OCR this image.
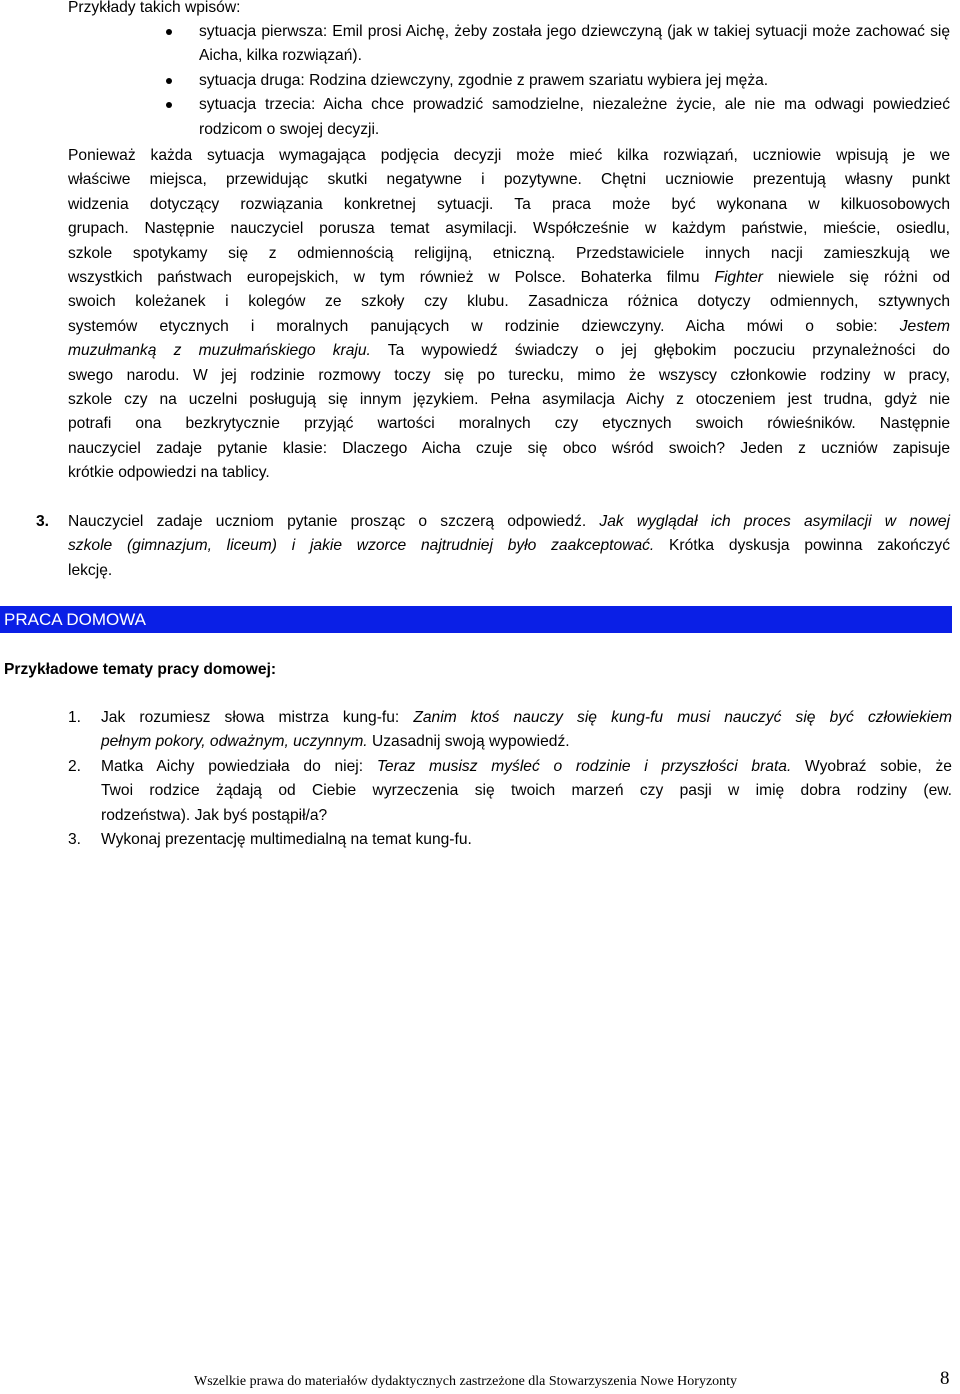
Przykłady takich wpisów:

sytuacja pierwsza: Emil prosi Aichę, żeby została jego dziewczyną (jak w takiej sytuacji może zachować się Aicha, kilka rozwiązań).
sytuacja druga: Rodzina dziewczyny, zgodnie z prawem szariatu wybiera jej męża.
sytuacja trzecia: Aicha chce prowadzić samodzielne, niezależne życie, ale nie ma odwagi powiedzieć rodzicom o swojej decyzji.
Ponieważ każda sytuacja wymagająca podjęcia decyzji może mieć kilka rozwiązań, uczniowie wpisują je we
właściwe miejsca, przewidując skutki negatywne i pozytywne. Chętni uczniowie prezentują własny punkt
widzenia dotyczący rozwiązania konkretnej sytuacji. Ta praca może być wykonana w kilkuosobowych
grupach. Następnie nauczyciel porusza temat asymilacji. Współcześnie w każdym państwie, mieście, osiedlu,
szkole spotykamy się z odmiennością religijną, etniczną. Przedstawiciele innych nacji zamieszkują we
wszystkich państwach europejskich, w tym również w Polsce. Bohaterka filmu Fighter niewiele się różni od
swoich koleżanek i kolegów ze szkoły czy klubu. Zasadnicza różnica dotyczy odmiennych, sztywnych
systemów etycznych i moralnych panujących w rodzinie dziewczyny. Aicha mówi o sobie: Jestem
muzułmanką z muzułmańskiego kraju. Ta wypowiedź świadczy o jej głębokim poczuciu przynależności do
swego narodu. W jej rodzinie rozmowy toczy się po turecku, mimo że wszyscy członkowie rodziny w pracy,
szkole czy na uczelni posługują się innym językiem. Pełna asymilacja Aichy z otoczeniem jest trudna, gdyż nie
potrafi ona bezkrytycznie przyjąć wartości moralnych czy etycznych swoich rówieśników. Następnie
nauczyciel zadaje pytanie klasie: Dlaczego Aicha czuje się obco wśród swoich? Jeden z uczniów zapisuje
krótkie odpowiedzi na tablicy.
3. Nauczyciel zadaje uczniom pytanie prosząc o szczerą odpowiedź. Jak wyglądał ich proces asymilacji w nowej
szkole (gimnazjum, liceum) i jakie wzorce najtrudniej było zaakceptować. Krótka dyskusja powinna zakończyć
lekcję.
PRACA DOMOWA
Przykładowe tematy pracy domowej:
1. Jak rozumiesz słowa mistrza kung-fu: Zanim ktoś nauczy się kung-fu musi nauczyć się być człowiekiem
pełnym pokory, odważnym, uczynnym. Uzasadnij swoją wypowiedź.
2. Matka Aichy powiedziała do niej: Teraz musisz myśleć o rodzinie i przyszłości brata. Wyobraź sobie, że
Twoi rodzice żądają od Ciebie wyrzeczenia się twoich marzeń czy pasji w imię dobra rodziny (ew.
rodzeństwa). Jak byś postąpił/a?
3. Wykonaj prezentację multimedialną na temat kung-fu.
Wszelkie prawa do materiałów dydaktycznych zastrzeżone dla Stowarzyszenia Nowe Horyzonty	8
